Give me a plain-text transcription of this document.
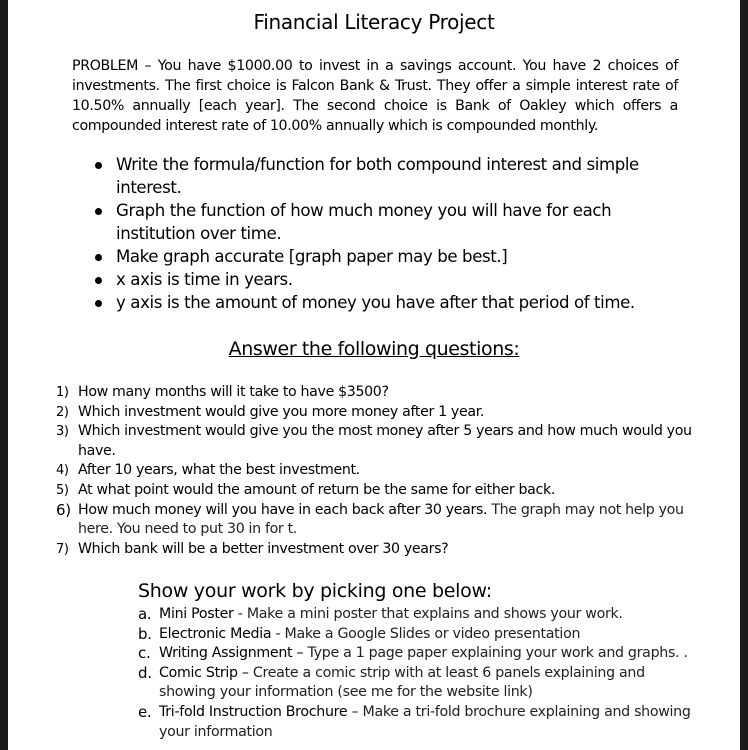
Financial Literacy Project

PROBLEM – You have $1000.00 to invest in a savings account. You have 2 choices of investments. The first choice is Falcon Bank & Trust. They offer a simple interest rate of 10.50% annually [each year]. The second choice is Bank of Oakley which offers a compounded interest rate of 10.00% annually which is compounded monthly.

Write the formula/function for both compound interest and simple interest.
Graph the function of how much money you will have for each institution over time.
Make graph accurate [graph paper may be best.]
x axis is time in years.
y axis is the amount of money you have after that period of time.
Answer the following questions:
1) How many months will it take to have $3500?
2) Which investment would give you more money after 1 year.
3) Which investment would give you the most money after 5 years and how much would you have.
4) After 10 years, what the best investment.
5) At what point would the amount of return be the same for either back.
6) How much money will you have in each back after 30 years. The graph may not help you here. You need to put 30 in for t.
7) Which bank will be a better investment over 30 years?
Show your work by picking one below:
a. Mini Poster - Make a mini poster that explains and shows your work.
b. Electronic Media - Make a Google Slides or video presentation
c. Writing Assignment – Type a 1 page paper explaining your work and graphs. .
d. Comic Strip – Create a comic strip with at least 6 panels explaining and showing your information (see me for the website link)
e. Tri-fold Instruction Brochure – Make a tri-fold brochure explaining and showing your information
